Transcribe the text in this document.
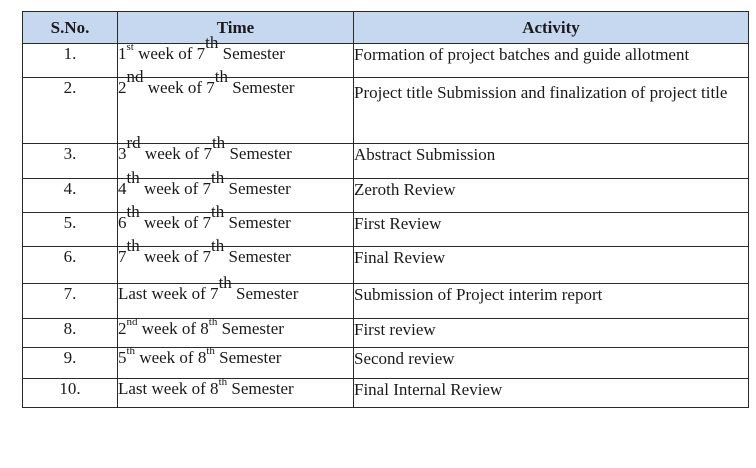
S.No.	Time	Activity
1.	1st week of 7th Semester	Formation of project batches and guide allotment
2.	2nd week of 7th Semester	Project title Submission and finalization of project title
3.	3rd week of 7th Semester	Abstract Submission
4.	4th week of 7th Semester	Zeroth Review
5.	6th week of 7th Semester	First Review
6.	7th week of 7th Semester	Final Review
7.	Last week of 7th Semester	Submission of Project interim report
8.	2nd week of 8th Semester	First review
9.	5th week of 8th Semester	Second review
10.	Last week of 8th Semester	Final Internal Review
